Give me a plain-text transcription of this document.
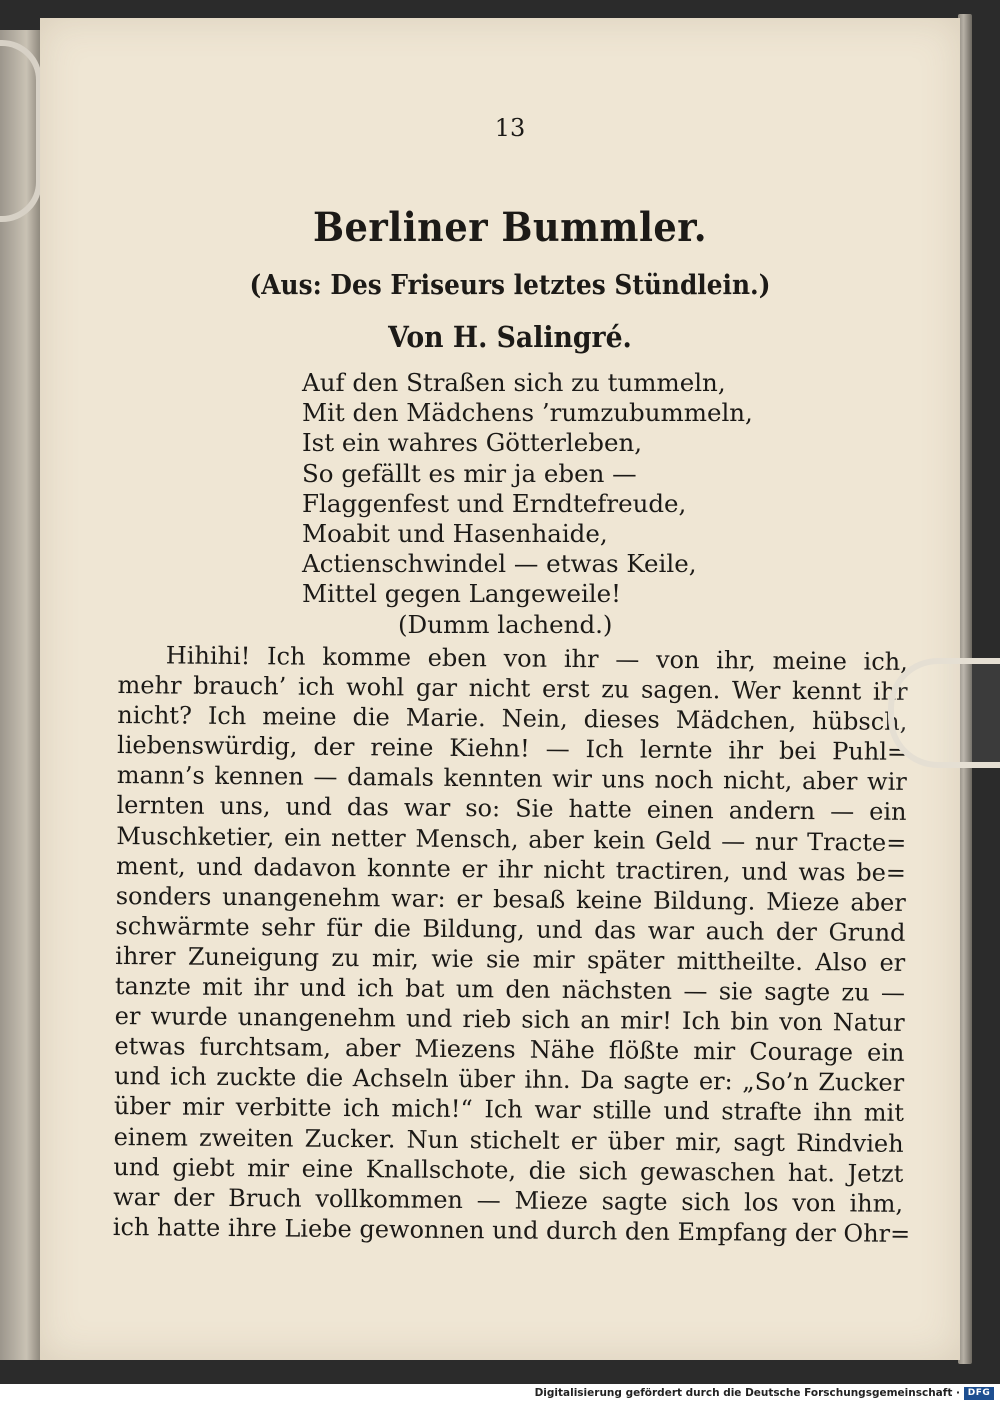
13
Berliner Bummler.
(Aus: Des Friseurs letztes Stündlein.)
Von H. Salingré.
Auf den Straßen sich zu tummeln,
Mit den Mädchens ’rumzubummeln,
Ist ein wahres Götterleben,
So gefällt es mir ja eben —
Flaggenfest und Erndtefreude,
Moabit und Hasenhaide,
Actienschwindel — etwas Keile,
Mittel gegen Langeweile!
(Dumm lachend.)
Hihihi! Ich komme eben von ihr — von ihr, meine ich,
mehr brauch’ ich wohl gar nicht erst zu sagen. Wer kennt ihr
nicht? Ich meine die Marie. Nein, dieses Mädchen, hübsch,
liebenswürdig, der reine Kiehn! — Ich lernte ihr bei Puhl=
mann’s kennen — damals kennten wir uns noch nicht, aber wir
lernten uns, und das war so: Sie hatte einen andern — ein
Muschketier, ein netter Mensch, aber kein Geld — nur Tracte=
ment, und dadavon konnte er ihr nicht tractiren, und was be=
sonders unangenehm war: er besaß keine Bildung. Mieze aber
schwärmte sehr für die Bildung, und das war auch der Grund
ihrer Zuneigung zu mir, wie sie mir später mittheilte. Also er
tanzte mit ihr und ich bat um den nächsten — sie sagte zu —
er wurde unangenehm und rieb sich an mir! Ich bin von Natur
etwas furchtsam, aber Miezens Nähe flößte mir Courage ein
und ich zuckte die Achseln über ihn. Da sagte er: „So’n Zucker
über mir verbitte ich mich!“ Ich war stille und strafte ihn mit
einem zweiten Zucker. Nun stichelt er über mir, sagt Rindvieh
und giebt mir eine Knallschote, die sich gewaschen hat. Jetzt
war der Bruch vollkommen — Mieze sagte sich los von ihm,
ich hatte ihre Liebe gewonnen und durch den Empfang der Ohr=
Digitalisierung gefördert durch die Deutsche Forschungsgemeinschaft · DFG
